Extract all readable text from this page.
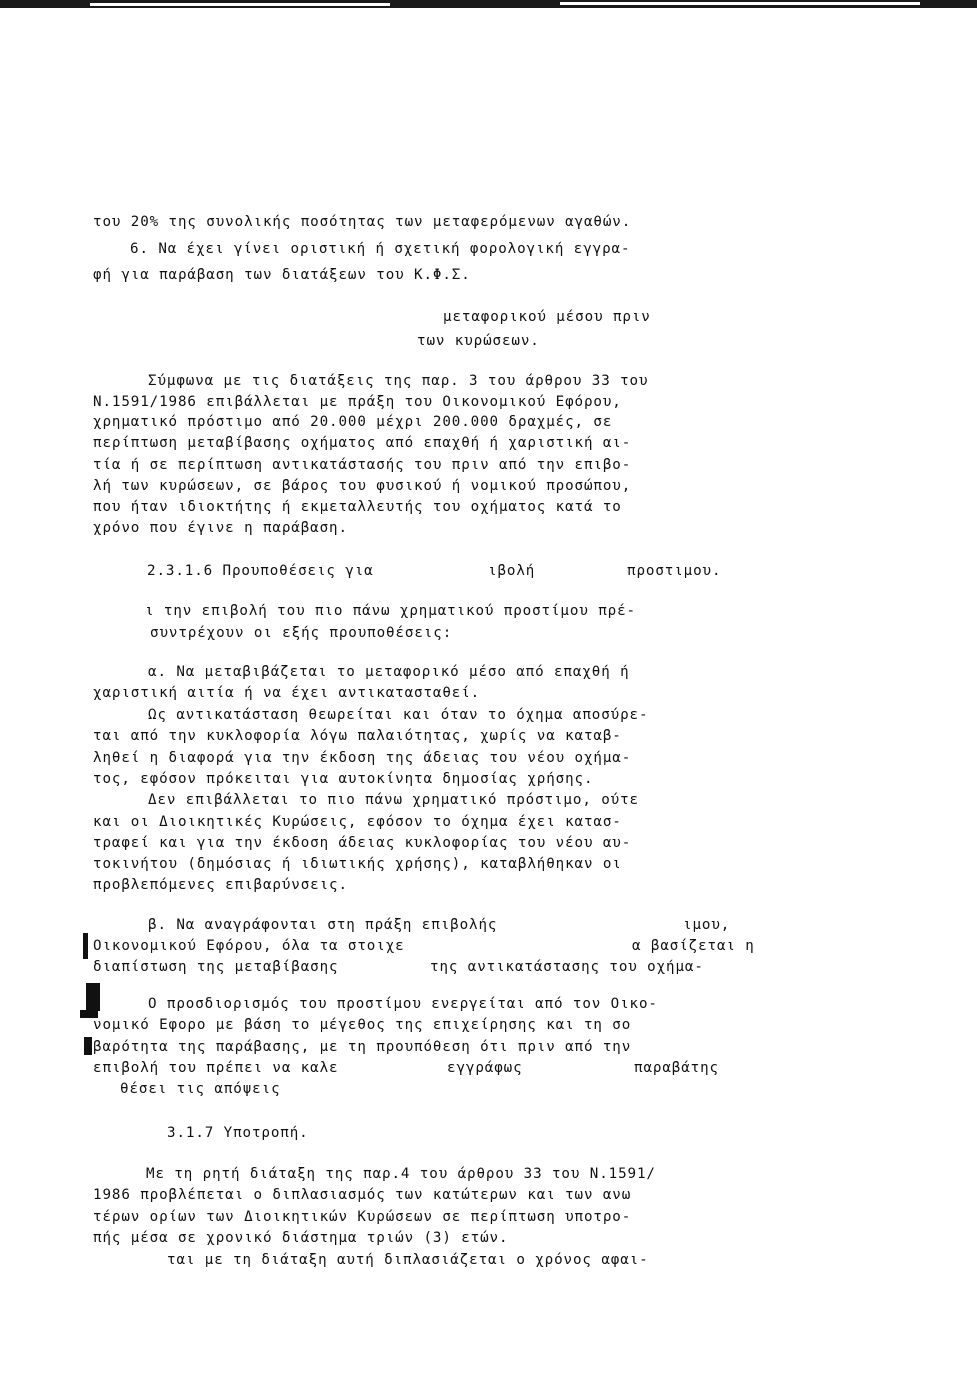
του 20% της συνολικής ποσότητας των μεταφερόμενων αγαθών.
6. Να έχει γίνει οριστική ή σχετική φορολογική εγγρα-
φή για παράβαση των διατάξεων του Κ.Φ.Σ.
μεταφορικού μέσου πριν
των κυρώσεων.
Σύμφωνα με τις διατάξεις της παρ. 3 του άρθρου 33 του
Ν.1591/1986 επιβάλλεται με πράξη του Οικονομικού Εφόρου,
χρηματικό πρόστιμο από 20.000 μέχρι 200.000 δραχμές, σε
περίπτωση μεταβίβασης οχήματος από επαχθή ή χαριστική αι-
τία ή σε περίπτωση αντικατάστασής του πριν από την επιβο-
λή των κυρώσεων, σε βάρος του φυσικού ή νομικού προσώπου,
που ήταν ιδιοκτήτης ή εκμεταλλευτής του οχήματος κατά το
χρόνο που έγινε η παράβαση.
2.3.1.6 Προυποθέσεις για	ιβολή	προστιμου.
ι την επιβολή του πιο πάνω χρηματικού προστίμου πρέ-
συντρέχουν οι εξής προυποθέσεις:
α. Να μεταβιβάζεται το μεταφορικό μέσο από επαχθή ή
χαριστική αιτία ή να έχει αντικατασταθεί.
Ως αντικατάσταση θεωρείται και όταν το όχημα αποσύρε-
ται από την κυκλοφορία λόγω παλαιότητας, χωρίς να καταβ-
ληθεί η διαφορά για την έκδοση της άδειας του νέου οχήμα-
τος, εφόσον πρόκειται για αυτοκίνητα δημοσίας χρήσης.
Δεν επιβάλλεται το πιο πάνω χρηματικό πρόστιμο, ούτε
και οι Διοικητικές Κυρώσεις, εφόσον το όχημα έχει κατασ-
τραφεί και για την έκδοση άδειας κυκλοφορίας του νέου αυ-
τοκινήτου (δημόσιας ή ιδιωτικής χρήσης), καταβλήθηκαν οι
προβλεπόμενες επιβαρύνσεις.
β. Να αναγράφονται στη πράξη επιβολής	ιμου,
Οικονομικού Εφόρου, όλα τα στοιχε	α βασίζεται η
διαπίστωση της μεταβίβασης	της αντικατάστασης του οχήμα-
Ο προσδιορισμός του προστίμου ενεργείται από τον Οικο-
νομικό Εφορο με βάση το μέγεθος της επιχείρησης και τη σο
βαρότητα της παράβασης, με τη προυπόθεση ότι πριν από την
επιβολή του πρέπει να καλε	εγγράφως	παραβάτης
θέσει τις απόψεις
3.1.7 Υποτροπή.
Με τη ρητή διάταξη της παρ.4 του άρθρου 33 του Ν.1591/
1986 προβλέπεται ο διπλασιασμός των κατώτερων και των ανω
τέρων ορίων των Διοικητικών Κυρώσεων σε περίπτωση υποτρο-
πής μέσα σε χρονικό διάστημα τριών (3) ετών.
ται με τη διάταξη αυτή διπλασιάζεται ο χρόνος αφαι-
